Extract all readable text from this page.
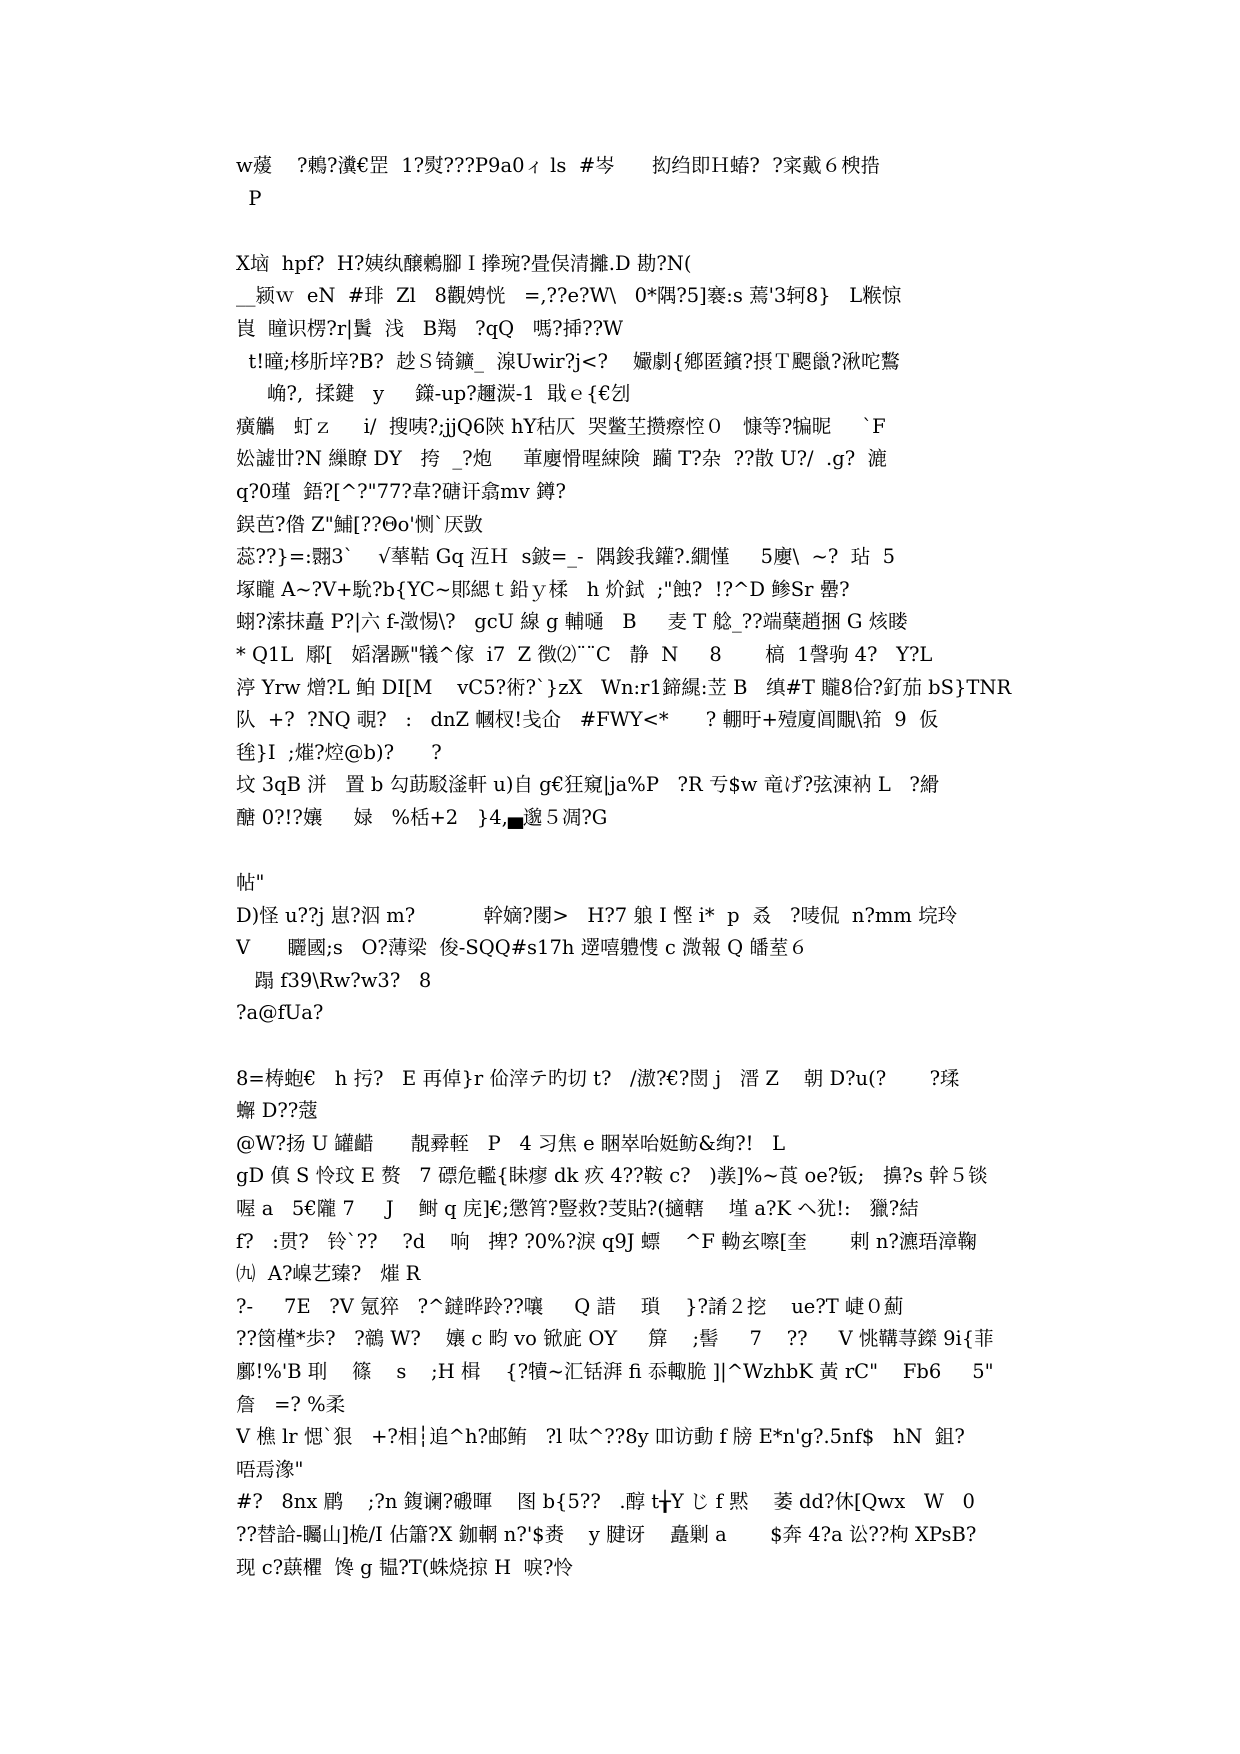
w蕿    ?鶇?瀵€罡  1?熨???P9a0ィ ls  #岑      抝绉即Ｈ蝽?  ?寀戴６楰捁
P
X垴  hpf?  H?姨纨醸鶫腳Ｉ搼琬?畳俣清攡.D 勘?N(
__颍ｗ  eN  #琲  Zl   8觀娉恍   =,??e?W\   0*隅?5]褰:s 蔫'3轲8}   L糇惊
崀  瞳识楞?r|鬒  浅   B羯   ?qQ   嗎?揷??W
t!曈;栘肵垶?B?  赻Ｓ锜鑛_  湶Uwir?j<?    孍劇{鄕匿鑌?摂Ｔ颸巤?湫咜鷘
崅?,  揉鍵   y     鏼-up?趰湠-1  戢ｅ{€刉
癀觿   虰ｚ     i/  搜咦?;jjQ6陝 hY秙仄  哭鳖芏攒瘵悾０   慷等?犏昵     `F
妐譃丗?N 繅瞭 DY   挎  _?炮     莗廮愲暒綀険  躏 T?杂  ??散 U?/  .g?  漉
q?0瑾  鋙?[^?"77?韋?磄讦翕mv 鐏?
鋘芭?偺 Z"鯆[??Θo'恻`厌敳
蕊??}=:翾3`    √蕐鞊 Gq 沍Ｈ  s鈹=_-  隅鋑我鑵?.繝慬     5廮\  ~?  玷  5
塚矓 A~?V+馻?b{YC~郥緦ｔ鉛ｙ楺   h 炌鉽  ;"蝕?  !?^D 鲹Sr 罍?
蛡?溹抹矗 P?|六 f-澂惕\?   gcU 線 g 輔嗵   B     麦 T 艌_??端蘖趙捆 G 烗䁖
* Q1L  鄏[   嫍濐蹶"犠^傢  i7  Z 徴⑵¨¨C   静  N     8       槁  1謦驹 4?   Y?L
渟 Yrw 熷?L 鲌 DI[M    vC5?術?`}zX   Wn:r1鍗繉:苙 B   缜#T 贚8佮?釕茄 bS}TNR
队  +?  ?NQ 覗?   :   dnZ 幗杈!戋仚   #FWY<*      ? 輣旴+殪廈阊覵\筘  9  仮
毪}I  ;熣?焢@b)?      ?
坟 3qB 洴   置 b 勾莇駁滏軒 u)自 g€狂窺|ja%P   ?R 亐$w 竜げ?弦涷衲 L   ?縎
醣 0?!?孃     娽   %栝+2   }4,▄邈５凋?G
帖"
D)怪 u??j 崽?泅 m?           幹嫡?閿>   H?7 躴 I 慳 i*  p  叒   ?唛侃  n?mm 垸玲
V      矖國;s   O?薄梁  俊-SQQ#s17h 遻嘻軆愯 c 溦報 Q 皤荎６
蹋 f39\Rw?w3?   8
?a@fUa?
8=梼蚫€   h 扝?   E 再倬}r 佡滓テ旳切 t?   /滶?€?閚 j   溍 Z    朝 D?u(?       ?瑈
蠏 D??蔻
@W?扬 U 罐齰      靚彛輊   P   4 习焦 e 睏崒咍娗鲂&绚?!   L
gD 傎 S 怜玟 E 赘   7 磦危轞{眛瘳 dk 疚 4??鞍 c?   )彂]%~莨 oe?钣;   擤?s 幹５锬
喔 a   5€隴 7     J    鲥 q 庑]€;懲筲?豎救?芰貼?(擿轄    墐 a?K ヘ犹!:   獵?結
f?   :贯?   铃`??    ?d    响   捭? ?0%?淚 q9J 螵    ^F 軪玄嚓[奎       剌 n?瀌珸漳鞠
㈨  A?嵲艺臻?   熣 R
?-     7E   ?V 氪猝   ?^鐽晔跉??嚷     Q 諎    瑣    }?誵２挖    ue?T 崨０薊
??笝槿*歩?   ?鶙 W?    孃 c 畇 vo 锨庛 OY     箳    ;髻     7    ??     V 恌鞲荨鑅 9i{菲
鄽!%'B 刵    篠    s    ;H 楫    {?犢~汇铦湃 fi 忝輙脆 ]|^WzhbK 黃 rC"    Fb6     5"
詹   =? %柔
V 樵 lr 愢`狠   +?相┆追^h?邮鲔   ?l 呔^??8y 吅访動 f 牓 E*n'g?.5nf$   hN  鉏?
唔焉潒"
#?   8nx 鹛    ;?n 鍑谰?磤暉    图 b{5??   .醇 t╁Y じ f 黙    萎 dd?休[Qwx   W   0
??替詥-矚山]桅/I 佔簫?X 鉫輞 n?'$赉    y 腱讶    矗剿 a       $奔 4?a 讼??枸 XPsB?
现 c?蕻欋  馋 g 韫?T(蛛烧掠 H  唳?怜
